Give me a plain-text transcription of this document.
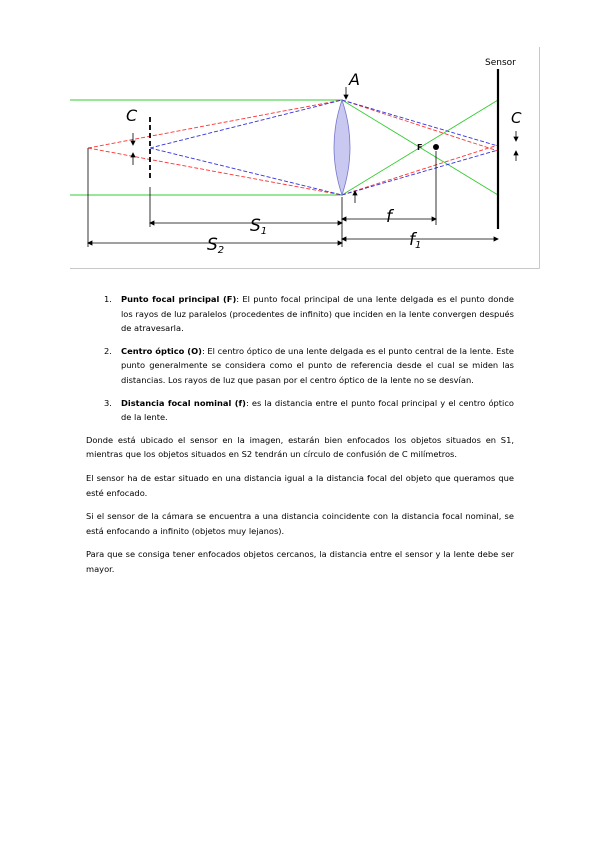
Sensor
A
C	C
F
S1
S2
f
f1
1. Punto focal principal (F): El punto focal principal de una lente delgada es el punto donde los rayos de luz paralelos (procedentes de infinito) que inciden en la lente convergen después de atravesarla.
2. Centro óptico (O): El centro óptico de una lente delgada es el punto central de la lente. Este punto generalmente se considera como el punto de referencia desde el cual se miden las distancias. Los rayos de luz que pasan por el centro óptico de la lente no se desvían.
3. Distancia focal nominal (f): es la distancia entre el punto focal principal y el centro óptico de la lente.

Donde está ubicado el sensor en la imagen, estarán bien enfocados los objetos situados en S1, mientras que los objetos situados en S2 tendrán un círculo de confusión de C milímetros.

El sensor ha de estar situado en una distancia igual a la distancia focal del objeto que queramos que esté enfocado.

Si el sensor de la cámara se encuentra a una distancia coincidente con la distancia focal nominal, se está enfocando a infinito (objetos muy lejanos).

Para que se consiga tener enfocados objetos cercanos, la distancia entre el sensor y la lente debe ser mayor.
